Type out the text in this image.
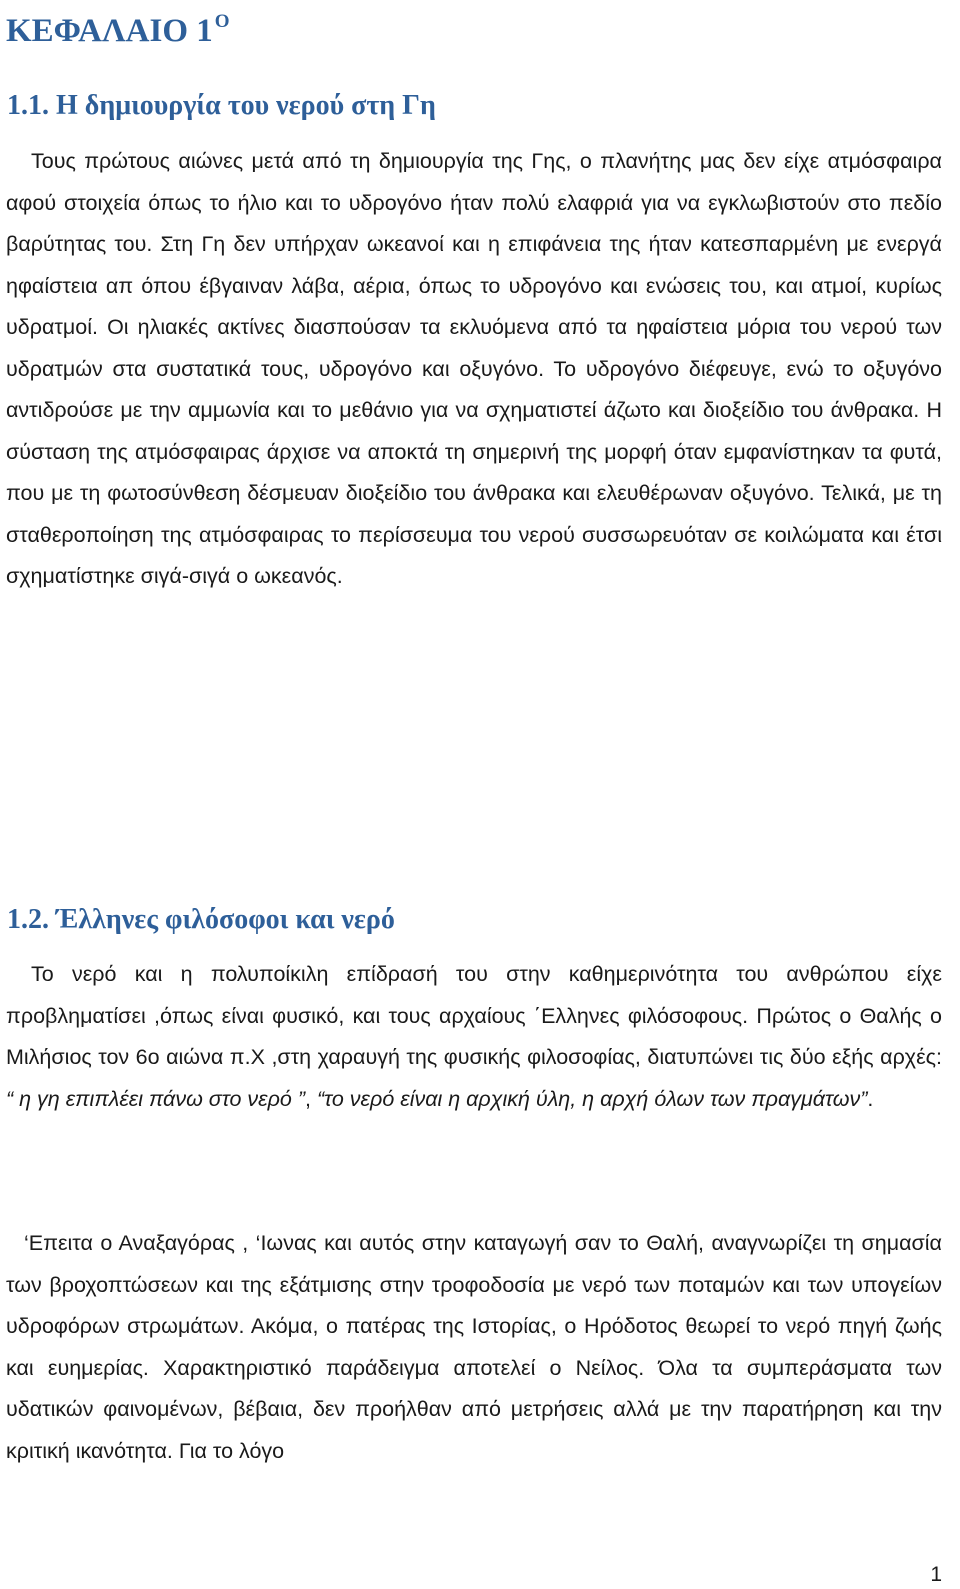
ΚΕΦΑΛΑΙΟ 1 $^O$
1.1. Η δημιουργία του νερού στη Γη

Τους πρώτους αιώνες μετά από τη δημιουργία της Γης, ο πλανήτης μας δεν είχε ατμόσφαιρα αφού στοιχεία όπως το ήλιο και το υδρογόνο ήταν πολύ ελαφριά για να εγκλωβιστούν στο πεδίο βαρύτητας του. Στη Γη δεν υπήρχαν ωκεανοί και η επιφάνεια της ήταν κατεσπαρμένη με ενεργά ηφαίστεια απ όπου έβγαιναν λάβα, αέρια, όπως το υδρογόνο και ενώσεις του, και ατμοί, κυρίως υδρατμοί. Οι ηλιακές ακτίνες διασπούσαν τα εκλυόμενα από τα ηφαίστεια μόρια του νερού των υδρατμών στα συστατικά τους, υδρογόνο και οξυγόνο. Το υδρογόνο διέφευγε, ενώ το οξυγόνο αντιδρούσε με την αμμωνία και το μεθάνιο για να σχηματιστεί άζωτο και διοξείδιο του άνθρακα. Η σύσταση της ατμόσφαιρας άρχισε να αποκτά τη σημερινή της μορφή όταν εμφανίστηκαν τα φυτά, που με τη φωτοσύνθεση δέσμευαν διοξείδιο του άνθρακα και ελευθέρωναν οξυγόνο. Τελικά, με τη σταθεροποίηση της ατμόσφαιρας το περίσσευμα του νερού συσσωρευόταν σε κοιλώματα και έτσι σχηματίστηκε σιγά-σιγά ο ωκεανός.

1.2. Έλληνες φιλόσοφοι και νερό

Το νερό και η πολυποίκιλη επίδρασή του στην καθημερινότητα του ανθρώπου είχε προβληματίσει ,όπως είναι φυσικό, και τους αρχαίους ΄Ελληνες φιλόσοφους. Πρώτος ο Θαλής ο Μιλήσιος τον 6ο αιώνα π.Χ ,στη χαραυγή της φυσικής φιλοσοφίας, διατυπώνει τις δύο εξής αρχές: “ η γη επιπλέει πάνω στο νερό ”, “το νερό είναι η αρχική ύλη, η αρχή όλων των πραγμάτων”.

‘Επειτα ο Αναξαγόρας , ‘Ιωνας και αυτός στην καταγωγή σαν το Θαλή, αναγνωρίζει τη σημασία των βροχοπτώσεων και της εξάτμισης στην τροφοδοσία με νερό των ποταμών και των υπογείων υδροφόρων στρωμάτων. Ακόμα, ο πατέρας της Ιστορίας, ο Ηρόδοτος θεωρεί το νερό πηγή ζωής και ευημερίας. Χαρακτηριστικό παράδειγμα αποτελεί ο Νείλος. Όλα τα συμπεράσματα των υδατικών φαινομένων, βέβαια, δεν προήλθαν από μετρήσεις αλλά με την παρατήρηση και την κριτική ικανότητα. Για το λόγο

1
